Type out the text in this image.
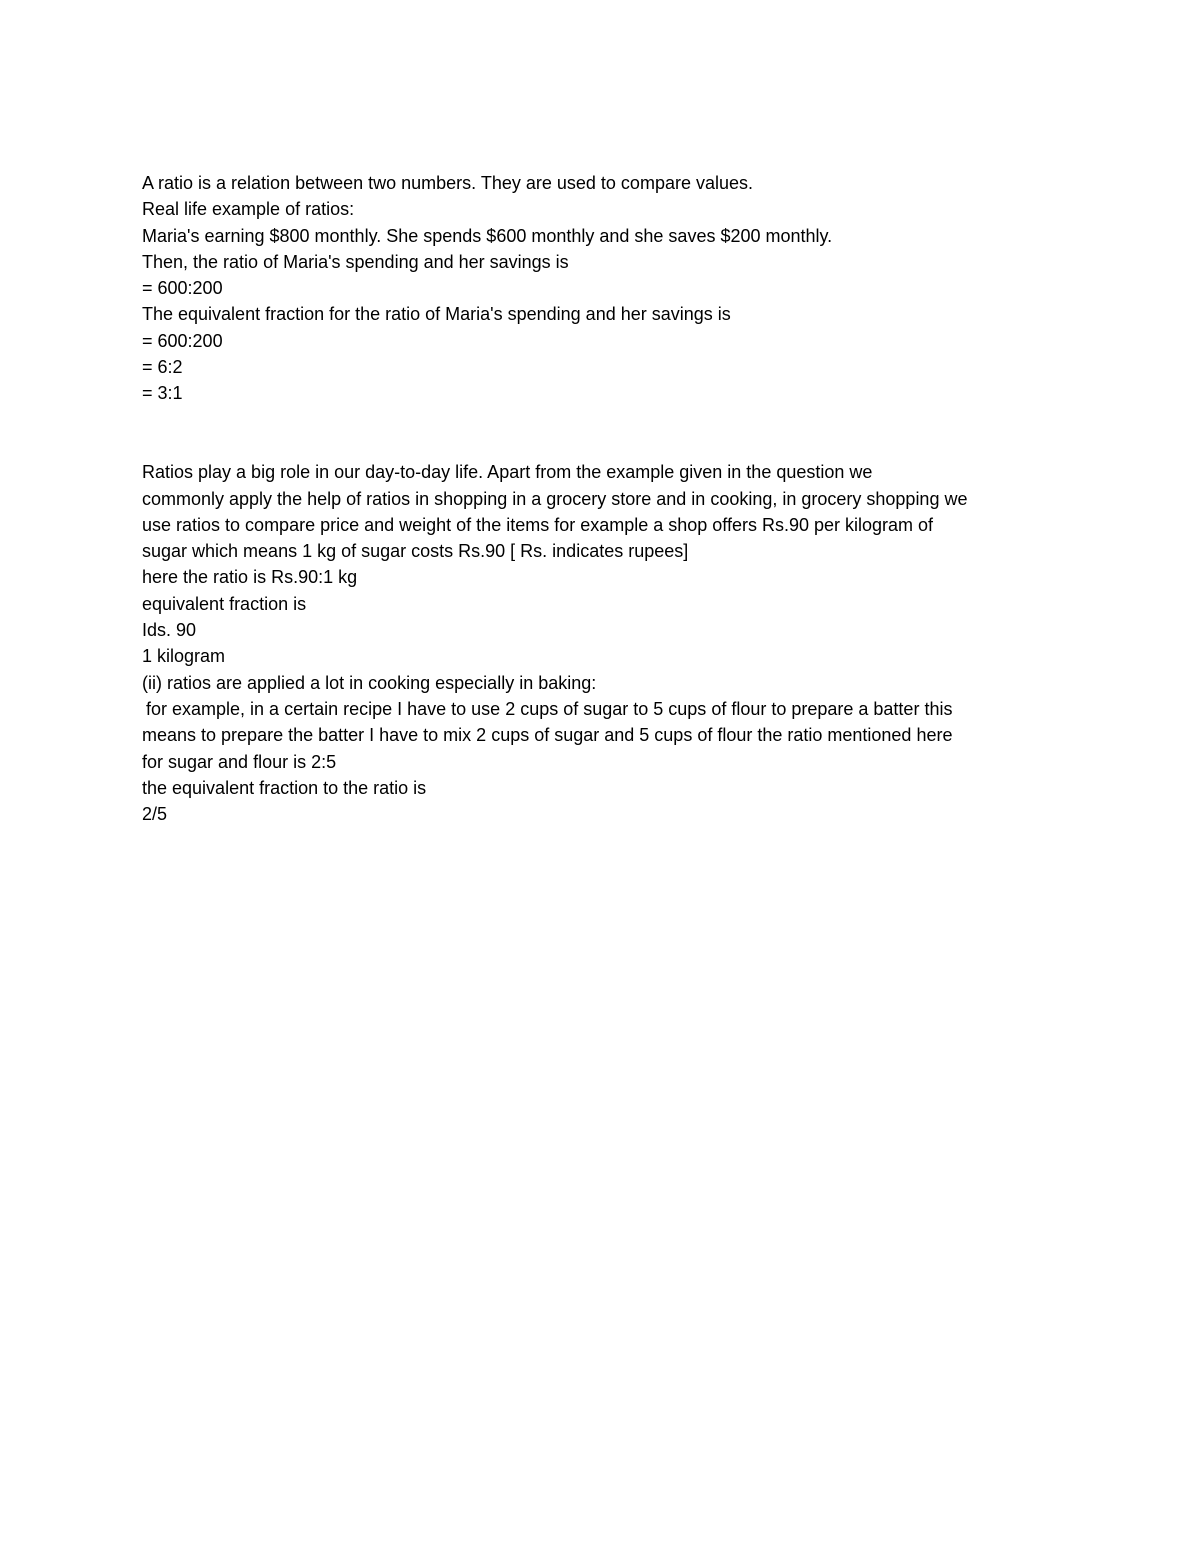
A ratio is a relation between two numbers. They are used to compare values.
Real life example of ratios:
Maria's earning $800 monthly. She spends $600 monthly and she saves $200 monthly.
Then, the ratio of Maria's spending and her savings is
= 600:200
The equivalent fraction for the ratio of Maria's spending and her savings is
= 600:200
= 6:2
= 3:1
Ratios play a big role in our day-to-day life. Apart from the example given in the question we
commonly apply the help of ratios in shopping in a grocery store and in cooking, in grocery shopping we
use ratios to compare price and weight of the items for example a shop offers Rs.90 per kilogram of
sugar which means 1 kg of sugar costs Rs.90 [ Rs. indicates rupees]
here the ratio is Rs.90:1 kg
equivalent fraction is
Ids. 90
1 kilogram
(ii) ratios are applied a lot in cooking especially in baking:
for example, in a certain recipe I have to use 2 cups of sugar to 5 cups of flour to prepare a batter this
means to prepare the batter I have to mix 2 cups of sugar and 5 cups of flour the ratio mentioned here
for sugar and flour is 2:5
the equivalent fraction to the ratio is
2/5
